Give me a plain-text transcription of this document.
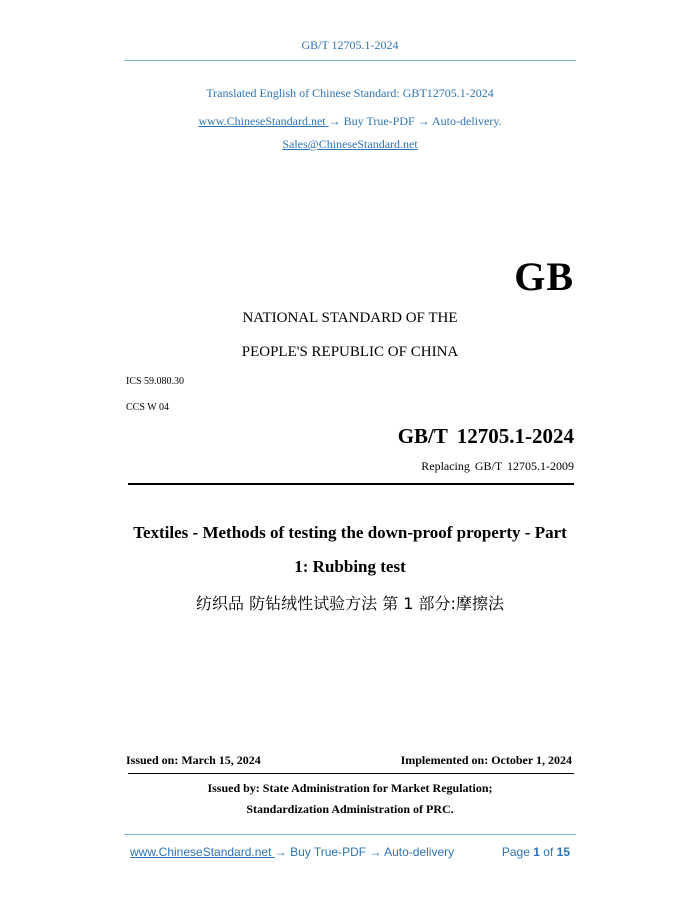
GB/T 12705.1-2024
Translated English of Chinese Standard: GBT12705.1-2024
www.ChineseStandard.net → Buy True-PDF → Auto-delivery.
Sales@ChineseStandard.net
GB
NATIONAL STANDARD OF THE
PEOPLE'S REPUBLIC OF CHINA
ICS 59.080.30
CCS W 04
GB/T 12705.1-2024
Replacing GB/T 12705.1-2009
Textiles - Methods of testing the down-proof property - Part
1: Rubbing test
纺织品 防钻绒性试验方法 第 1 部分:摩擦法
Issued on: March 15, 2024	Implemented on: October 1, 2024
Issued by: State Administration for Market Regulation;
Standardization Administration of PRC.
www.ChineseStandard.net → Buy True-PDF → Auto-delivery	Page 1 of 15
